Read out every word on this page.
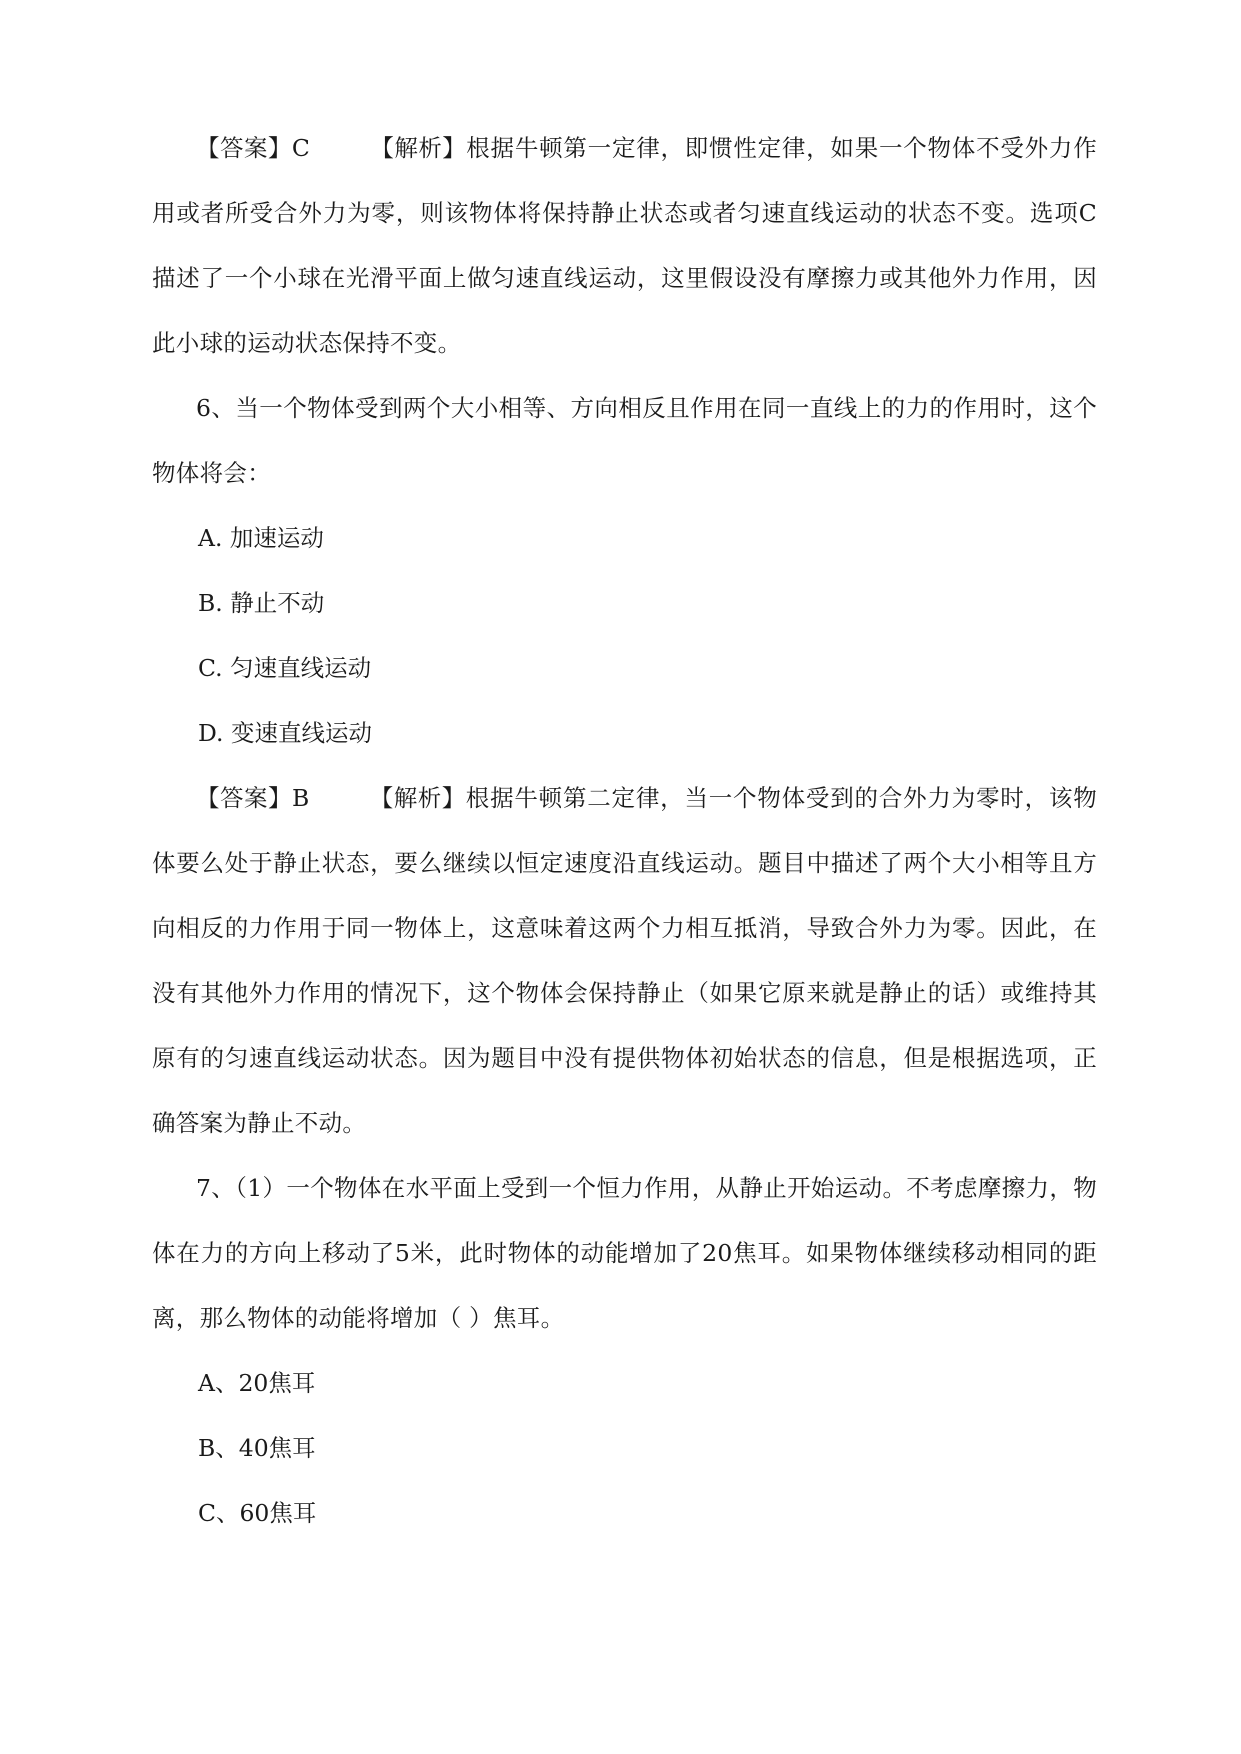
【答案】C	【解析】根据牛顿第一定律，即惯性定律，如果一个物体不受外力作用或者所受合外力为零，则该物体将保持静止状态或者匀速直线运动的状态不变。选项C描述了一个小球在光滑平面上做匀速直线运动，这里假设没有摩擦力或其他外力作用，因此小球的运动状态保持不变。

6、当一个物体受到两个大小相等、方向相反且作用在同一直线上的力的作用时，这个物体将会：

A. 加速运动

B. 静止不动

C. 匀速直线运动

D. 变速直线运动

【答案】B	【解析】根据牛顿第二定律，当一个物体受到的合外力为零时，该物体要么处于静止状态，要么继续以恒定速度沿直线运动。题目中描述了两个大小相等且方向相反的力作用于同一物体上，这意味着这两个力相互抵消，导致合外力为零。因此，在没有其他外力作用的情况下，这个物体会保持静止（如果它原来就是静止的话）或维持其原有的匀速直线运动状态。因为题目中没有提供物体初始状态的信息，但是根据选项，正确答案为静止不动。

7、（1）一个物体在水平面上受到一个恒力作用，从静止开始运动。不考虑摩擦力，物体在力的方向上移动了5米，此时物体的动能增加了20焦耳。如果物体继续移动相同的距离，那么物体的动能将增加（ ）焦耳。

A、20焦耳

B、40焦耳

C、60焦耳
